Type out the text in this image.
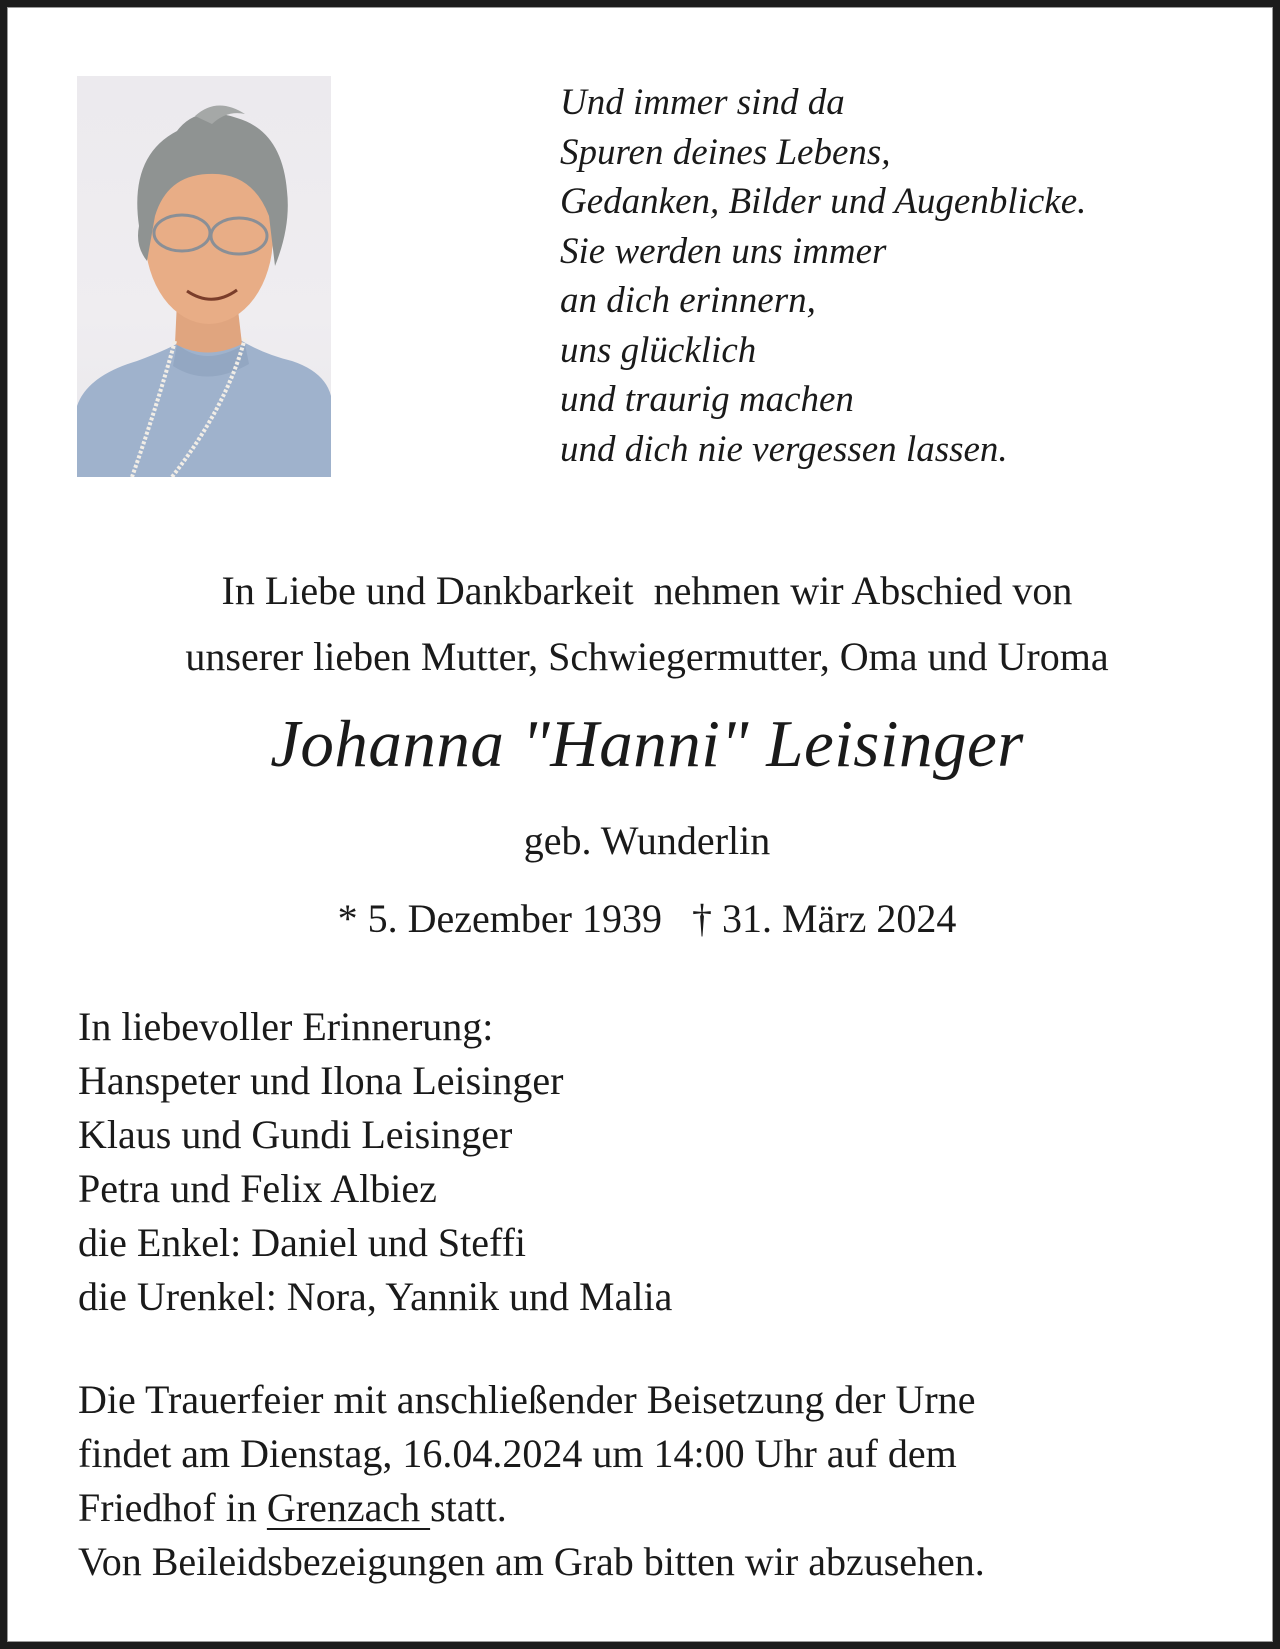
Und immer sind da
Spuren deines Lebens,
Gedanken, Bilder und Augenblicke.
Sie werden uns immer
an dich erinnern,
uns glücklich
und traurig machen
und dich nie vergessen lassen.
In Liebe und Dankbarkeit  nehmen wir Abschied von
unserer lieben Mutter, Schwiegermutter, Oma und Uroma
Johanna "Hanni" Leisinger
geb. Wunderlin
* 5. Dezember 1939   † 31. März 2024
In liebevoller Erinnerung:
Hanspeter und Ilona Leisinger
Klaus und Gundi Leisinger
Petra und Felix Albiez
die Enkel: Daniel und Steffi
die Urenkel: Nora, Yannik und Malia
Die Trauerfeier mit anschließender Beisetzung der Urne
findet am Dienstag, 16.04.2024 um 14:00 Uhr auf dem
Friedhof in Grenzach statt.
Von Beileidsbezeigungen am Grab bitten wir abzusehen.
